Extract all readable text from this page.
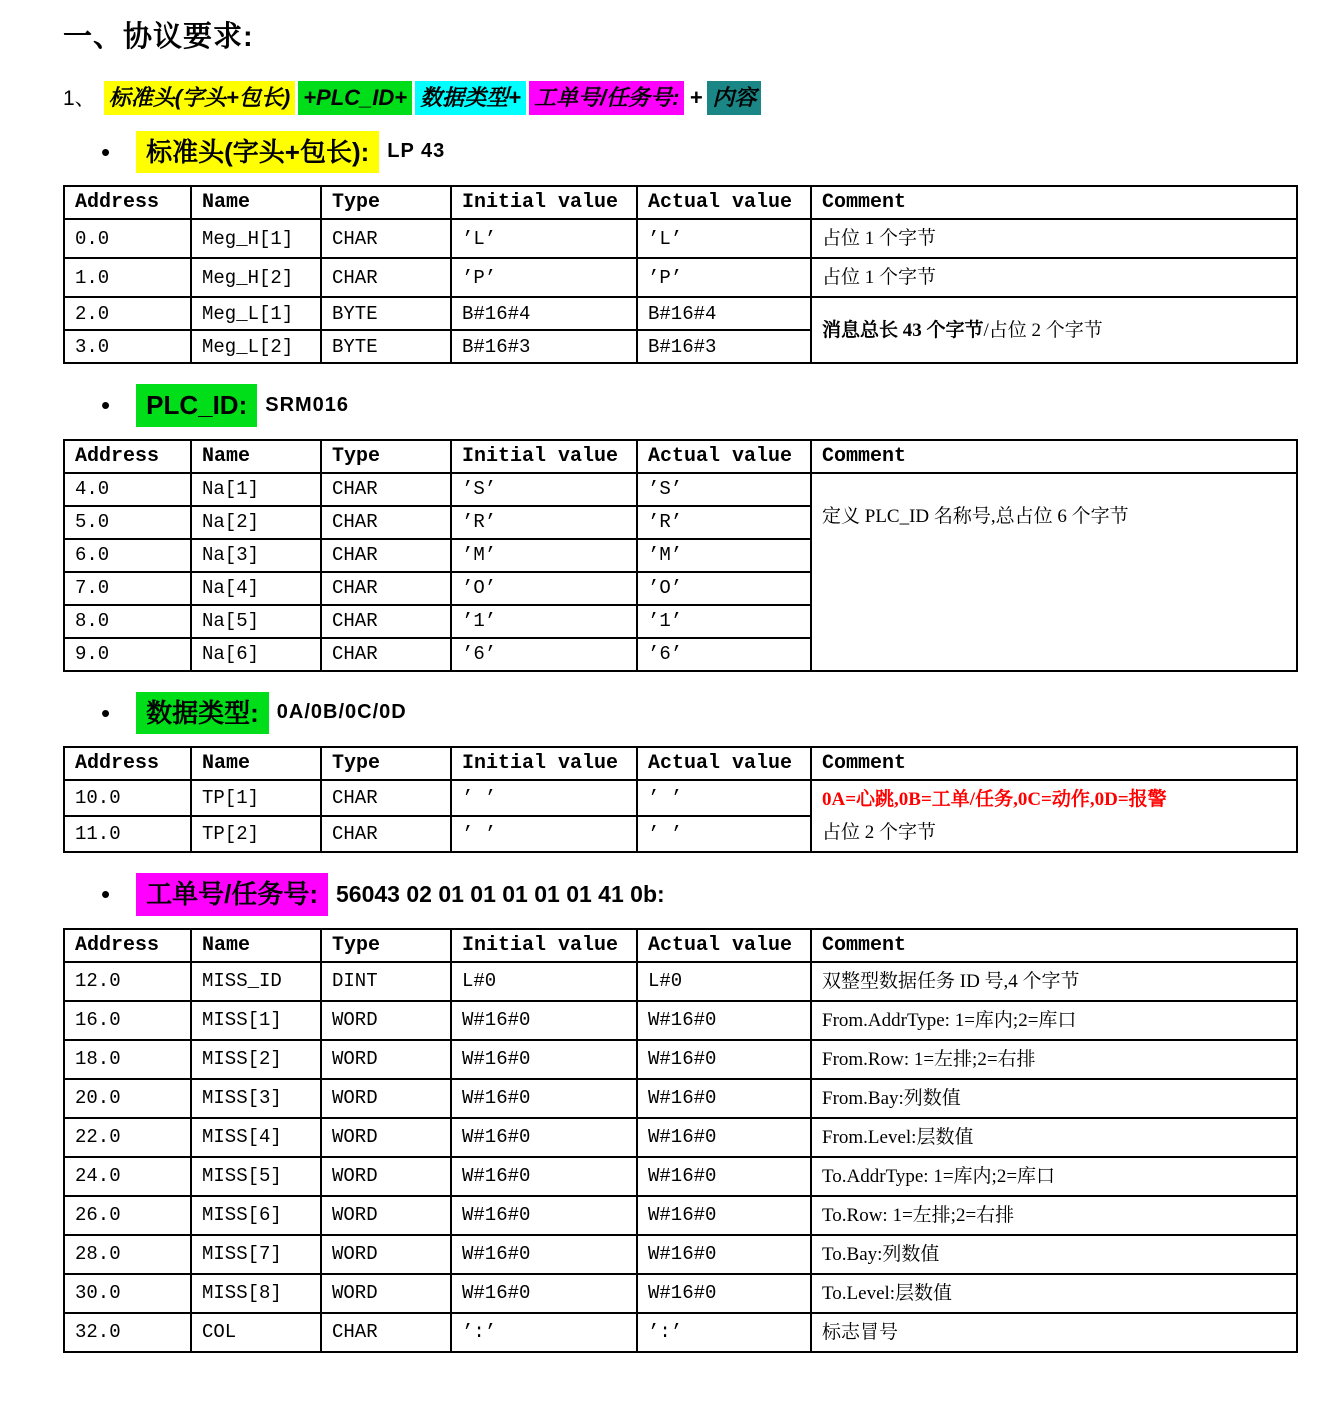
一、协议要求:
1、 标准头(字头+包长)+PLC_ID+ 数据类型+ 工单号/任务号:+ 内容
•	标准头(字头+包长): LP 43
Address	Name	Type	Initial value	Actual value	Comment
0.0	Meg_H[1]	CHAR	’L’	’L’	占位 1 个字节

1.0	Meg_H[2]	CHAR	’P’	’P’	占位 1 个字节

2.0	Meg_L[1]	BYTE	B#16#4	B#16#4	消息总长 43 个字节/占位 2 个字节

3.0	Meg_L[2]	BYTE	B#16#3	B#16#3	
•	PLC_ID: SRM016
Address	Name	Type	Initial value	Actual value	Comment
4.0	Na[1]	CHAR	’S’	’S’	定义 PLC_ID 名称号,总占位 6 个字节

5.0	Na[2]	CHAR	’R’	’R’	
6.0	Na[3]	CHAR	’M’	’M’	
7.0	Na[4]	CHAR	’O’	’O’	
8.0	Na[5]	CHAR	’1’	’1’	
9.0	Na[6]	CHAR	’6’	’6’	
•	数据类型: 0A/0B/0C/0D
Address	Name	Type	Initial value	Actual value	Comment
10.0	TP[1]	CHAR	’ ’	’ ’	0A=心跳,0B=工单/任务,0C=动作,0D=报警
占位 2 个字节

11.0	TP[2]	CHAR	’ ’	’ ’	
•	工单号/任务号: 56043 02 01 01 01 01 01 41 0b:
Address	Name	Type	Initial value	Actual value	Comment
12.0	MISS_ID	DINT	L#0	L#0	双整型数据任务 ID 号,4 个字节

16.0	MISS[1]	WORD	W#16#0	W#16#0	From.AddrType: 1=库内;2=库口

18.0	MISS[2]	WORD	W#16#0	W#16#0	From.Row: 1=左排;2=右排

20.0	MISS[3]	WORD	W#16#0	W#16#0	From.Bay:列数值

22.0	MISS[4]	WORD	W#16#0	W#16#0	From.Level:层数值

24.0	MISS[5]	WORD	W#16#0	W#16#0	To.AddrType: 1=库内;2=库口

26.0	MISS[6]	WORD	W#16#0	W#16#0	To.Row: 1=左排;2=右排

28.0	MISS[7]	WORD	W#16#0	W#16#0	To.Bay:列数值

30.0	MISS[8]	WORD	W#16#0	W#16#0	To.Level:层数值

32.0	COL	CHAR	’:’	’:’	标志冒号
